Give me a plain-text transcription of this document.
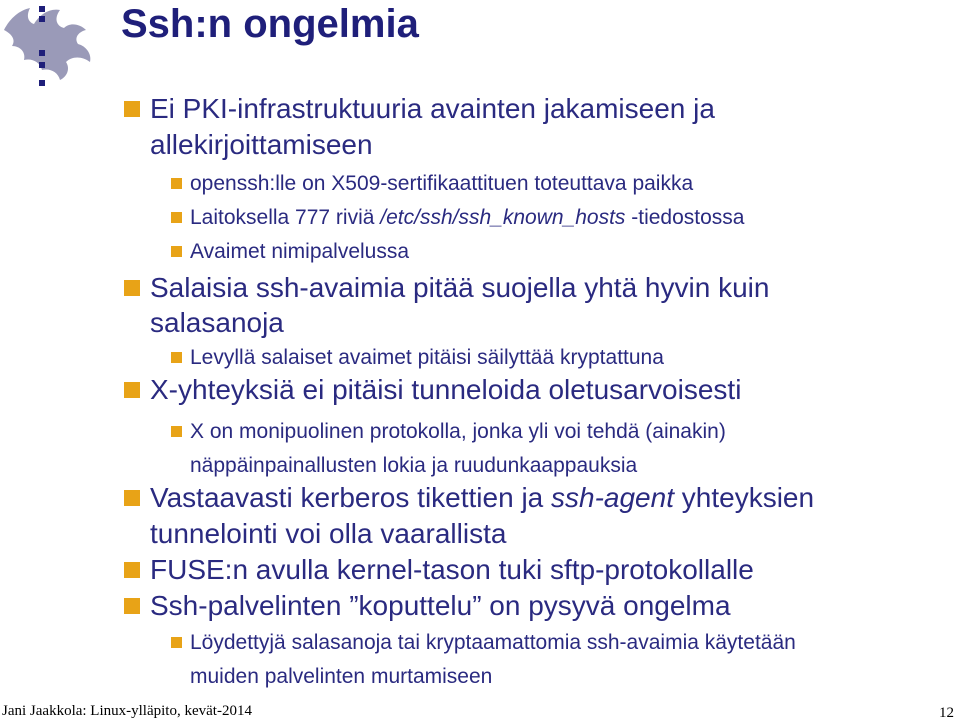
Ssh:n ongelmia
Ei PKI-infrastruktuuria avainten jakamiseen ja
allekirjoittamiseen
openssh:lle on X509-sertifikaattituen toteuttava paikka
Laitoksella 777 riviä /etc/ssh/ssh_known_hosts -tiedostossa
Avaimet nimipalvelussa
Salaisia ssh-avaimia pitää suojella yhtä hyvin kuin
salasanoja
Levyllä salaiset avaimet pitäisi säilyttää kryptattuna
X-yhteyksiä ei pitäisi tunneloida oletusarvoisesti
X on monipuolinen protokolla, jonka yli voi tehdä (ainakin)
näppäinpainallusten lokia ja ruudunkaappauksia
Vastaavasti kerberos tikettien ja ssh-agent yhteyksien
tunnelointi voi olla vaarallista
FUSE:n avulla kernel-tason tuki sftp-protokollalle
Ssh-palvelinten ”koputtelu” on pysyvä ongelma
Löydettyjä salasanoja tai kryptaamattomia ssh-avaimia käytetään
muiden palvelinten murtamiseen
Jani Jaakkola: Linux-ylläpito, kevät-2014	12
